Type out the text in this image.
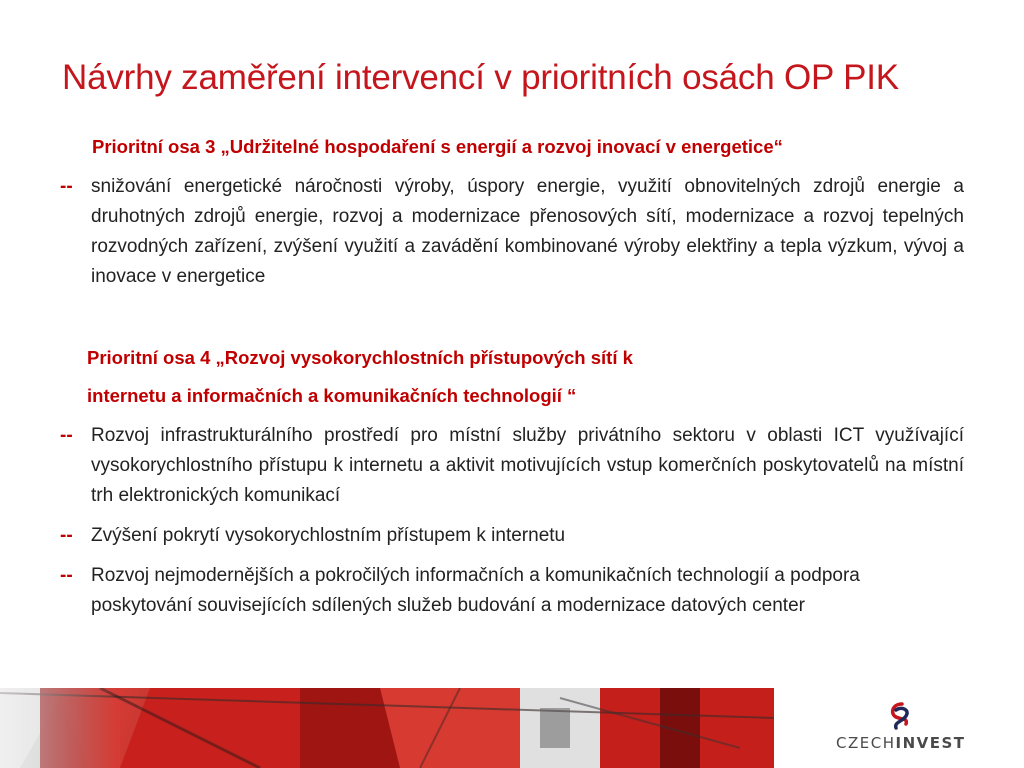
Návrhy zaměření intervencí v prioritních osách OP PIK
Prioritní osa 3 „Udržitelné hospodaření s energií a rozvoj inovací v energetice“
-- snižování energetické náročnosti výroby, úspory energie, využití obnovitelných zdrojů energie a druhotných zdrojů energie, rozvoj a modernizace přenosových sítí, modernizace a rozvoj tepelných rozvodných zařízení, zvýšení využití a zavádění kombinované výroby elektřiny a tepla výzkum, vývoj a inovace v energetice
Prioritní osa 4 „Rozvoj vysokorychlostních přístupových sítí k
internetu a informačních a komunikačních technologií “
-- Rozvoj infrastrukturálního prostředí pro místní služby privátního sektoru v oblasti ICT využívající vysokorychlostního přístupu k internetu a aktivit motivujících vstup komerčních poskytovatelů na místní trh elektronických komunikací
-- Zvýšení pokrytí vysokorychlostním přístupem k internetu
-- Rozvoj nejmodernějších a pokročilých informačních a komunikačních technologií a podpora poskytování souvisejících sdílených služeb budování a modernizace datových center
CZECHINVEST
